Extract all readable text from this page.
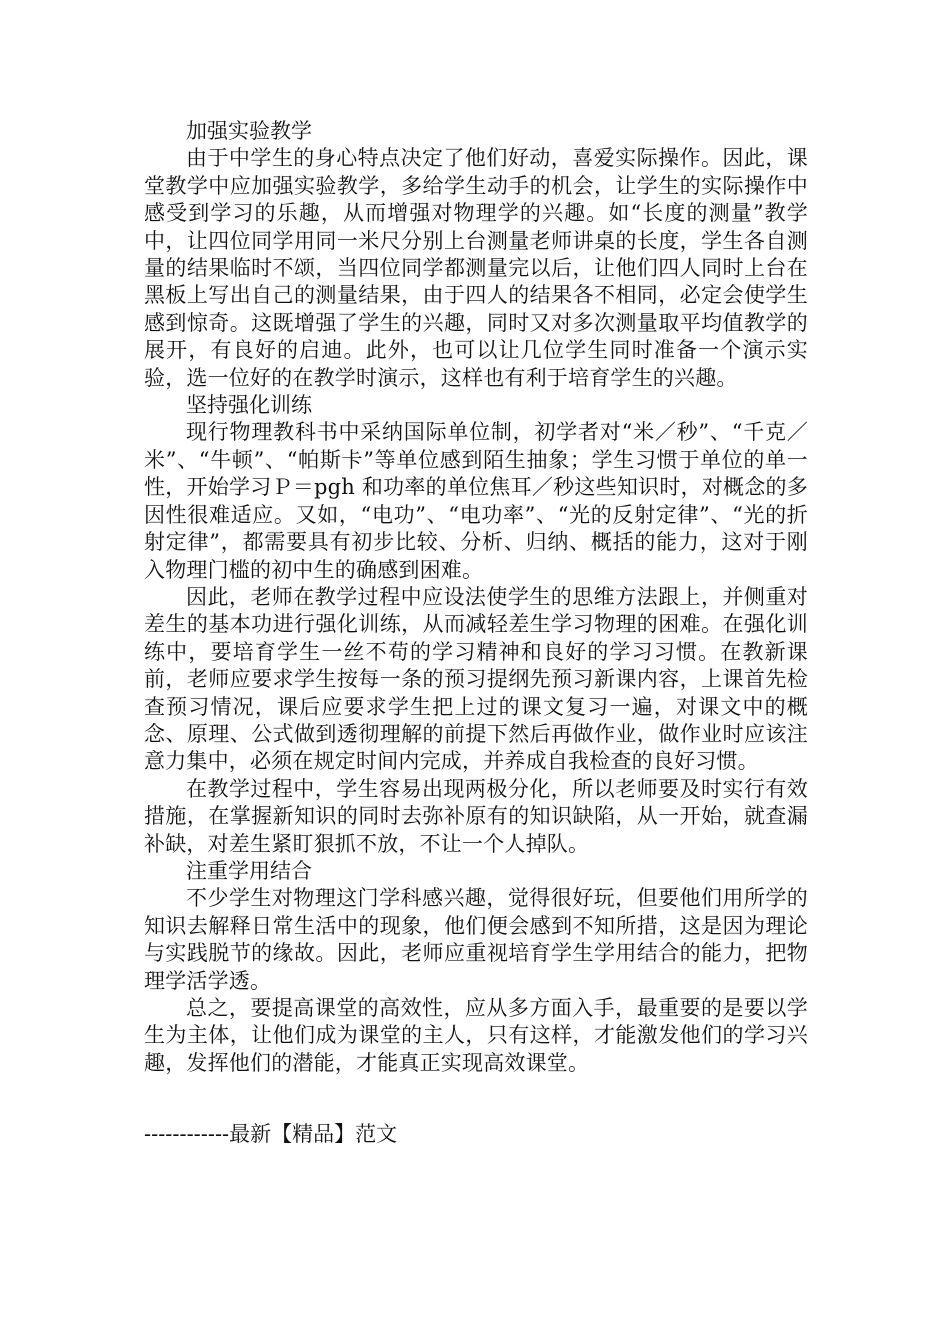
加强实验教学

由于中学生的身心特点决定了他们好动，喜爱实际操作。因此，课堂教学中应加强实验教学，多给学生动手的机会，让学生的实际操作中感受到学习的乐趣，从而增强对物理学的兴趣。如“长度的测量”教学中，让四位同学用同一米尺分别上台测量老师讲桌的长度，学生各自测量的结果临时不颂，当四位同学都测量完以后，让他们四人同时上台在黑板上写出自己的测量结果，由于四人的结果各不相同，必定会使学生感到惊奇。这既增强了学生的兴趣，同时又对多次测量取平均值教学的展开，有良好的启迪。此外，也可以让几位学生同时准备一个演示实验，选一位好的在教学时演示，这样也有利于培育学生的兴趣。

坚持强化训练

现行物理教科书中采纳国际单位制，初学者对“米／秒”、“千克／米”、“牛顿”、“帕斯卡”等单位感到陌生抽象；学生习惯于单位的单一性，开始学习Ｐ＝pgh 和功率的单位焦耳／秒这些知识时，对概念的多因性很难适应。又如，“电功”、“电功率”、“光的反射定律”、“光的折射定律”，都需要具有初步比较、分析、归纳、概括的能力，这对于刚入物理门槛的初中生的确感到困难。

因此，老师在教学过程中应设法使学生的思维方法跟上，并侧重对差生的基本功进行强化训练，从而减轻差生学习物理的困难。在强化训练中，要培育学生一丝不苟的学习精神和良好的学习习惯。在教新课前，老师应要求学生按每一条的预习提纲先预习新课内容，上课首先检查预习情况，课后应要求学生把上过的课文复习一遍，对课文中的概念、原理、公式做到透彻理解的前提下然后再做作业，做作业时应该注意力集中，必须在规定时间内完成，并养成自我检查的良好习惯。

在教学过程中，学生容易出现两极分化，所以老师要及时实行有效措施，在掌握新知识的同时去弥补原有的知识缺陷，从一开始，就查漏补缺，对差生紧盯狠抓不放，不让一个人掉队。

注重学用结合

不少学生对物理这门学科感兴趣，觉得很好玩，但要他们用所学的知识去解释日常生活中的现象，他们便会感到不知所措，这是因为理论与实践脱节的缘故。因此，老师应重视培育学生学用结合的能力，把物理学活学透。

总之，要提高课堂的高效性，应从多方面入手，最重要的是要以学生为主体，让他们成为课堂的主人，只有这样，才能激发他们的学习兴趣，发挥他们的潜能，才能真正实现高效课堂。

------------最新【精品】范文
